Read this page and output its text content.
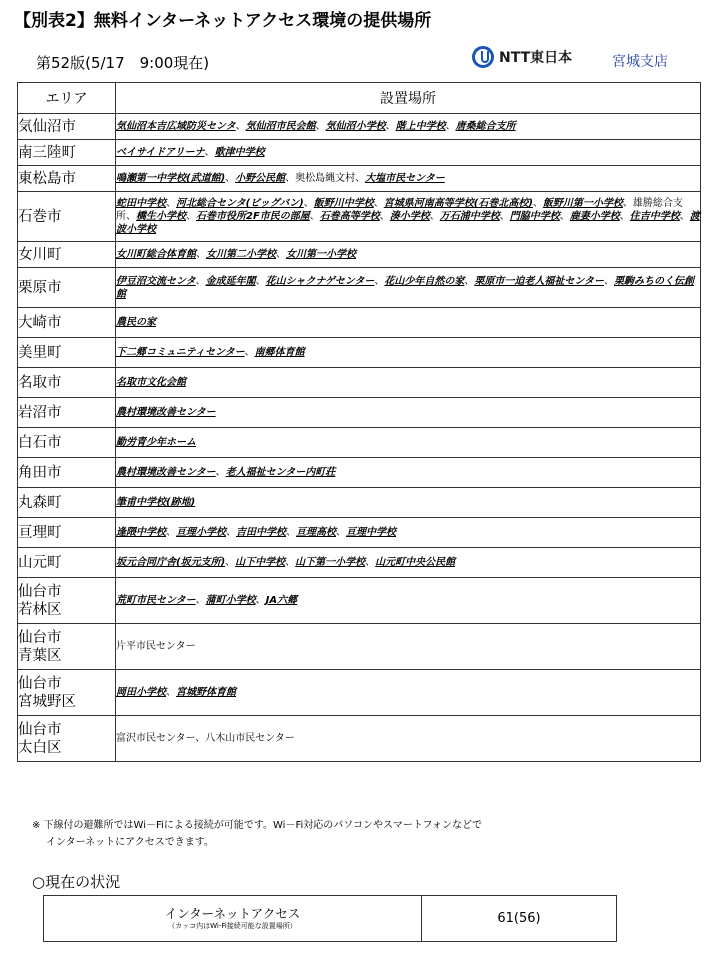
【別表2】無料インターネットアクセス環境の提供場所
第52版(5/17　9:00現在)	NTT東日本	宮城支店
エリア	設置場所
気仙沼市	気仙沼本吉広域防災センタ、気仙沼市民会館、気仙沼小学校、階上中学校、唐桑総合支所
南三陸町	ベイサイドアリーナ、歌津中学校
東松島市	鳴瀬第一中学校(武道館)、小野公民館、奥松島縄文村、大塩市民センター
石巻市	蛇田中学校、河北総合センタ(ビッグバン)、飯野川中学校、宮城県河南高等学校(石巻北高校)、飯野川第一小学校、雄勝総合支所、橋生小学校、石巻市役所2F市民の部屋、石巻高等学校、湊小学校、万石浦中学校、門脇中学校、鹿妻小学校、住吉中学校、渡波小学校
女川町	女川町総合体育館、女川第二小学校、女川第一小学校
栗原市	伊豆沼交流センタ、金成延年閣、花山シャクナゲセンター、花山少年自然の家、栗原市一迫老人福祉センター、栗駒みちのく伝創館
大崎市	農民の家
美里町	下二郷コミュニティセンター、南郷体育館
名取市	名取市文化会館
岩沼市	農村環境改善センター
白石市	勤労青少年ホーム
角田市	農村環境改善センター、老人福祉センター内町荘
丸森町	筆甫中学校(跡地)
亘理町	逢隈中学校、亘理小学校、吉田中学校、亘理高校、亘理中学校
山元町	坂元合同庁舎(坂元支所)、山下中学校、山下第一小学校、山元町中央公民館
仙台市
若林区	荒町市民センター、蒲町小学校、JA六郷
仙台市
青葉区	片平市民センター
仙台市
宮城野区	岡田小学校、宮城野体育館
仙台市
太白区	富沢市民センター、八木山市民センター
※ 下線付の避難所ではWi－Fiによる接続が可能です。Wi－Fi対応のパソコンやスマートフォンなどで
インターネットにアクセスできます。
○現在の状況
インターネットアクセス
（カッコ内はWi-Fi接続可能な設置場所）	61(56)
